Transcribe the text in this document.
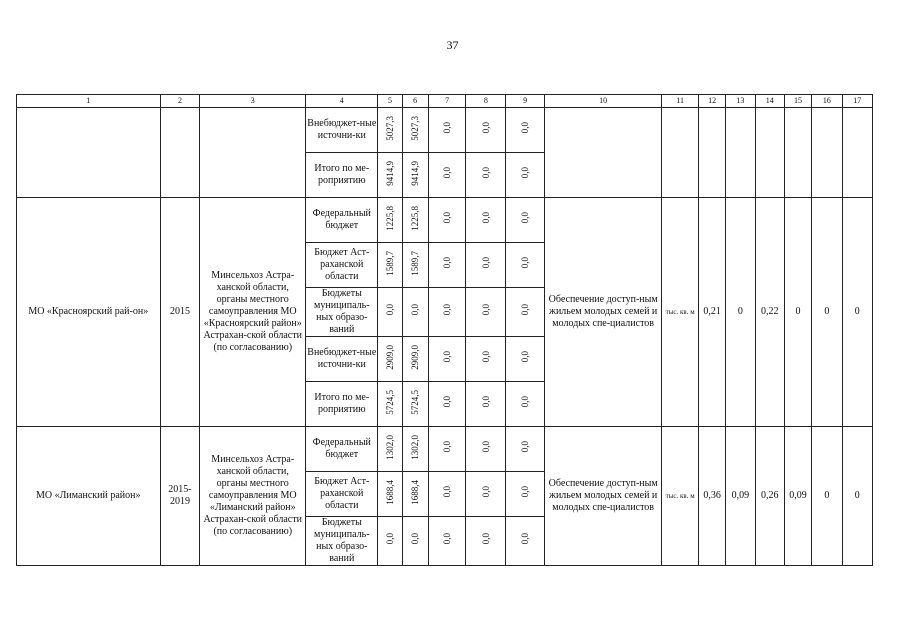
37
1	2	3	4	5	6	7	8	9	10	11	12	13	14	15	16	17
			Внебюджет-ные источни-ки	5027,3	5027,3	0,0	0,0	0,0								
			Итого по ме-роприятию	9414,9	9414,9	0,0	0,0	0,0								
МО «Красноярский рай-он»	2015	Минсельхоз Астра-ханской области, органы местного самоуправления МО «Красноярский район» Астрахан-ской области (по согласованию)	Федеральный бюджет	1225,8	1225,8	0,0	0,0	0,0	Обеспечение доступ-ным жильем молодых семей и молодых спе-циалистов	тыс. кв. м	0,21	0	0,22	0	0	0
			Бюджет Аст-раханской области	1589,7	1589,7	0,0	0,0	0,0								
			Бюджеты муниципаль-ных образо-ваний	0,0	0,0	0,0	0,0	0,0								
			Внебюджет-ные источни-ки	2909,0	2909,0	0,0	0,0	0,0								
			Итого по ме-роприятию	5724,5	5724,5	0,0	0,0	0,0								
МО «Лиманский район»	2015-2019	Минсельхоз Астра-ханской области, органы местного самоуправления МО «Лиманский район» Астрахан-ской области (по согласованию)	Федеральный бюджет	1302,0	1302,0	0,0	0,0	0,0	Обеспечение доступ-ным жильем молодых семей и молодых спе-циалистов	тыс. кв. м	0,36	0,09	0,26	0,09	0	0
			Бюджет Аст-раханской области	1688,4	1688,4	0,0	0,0	0,0								
			Бюджеты муниципаль-ных образо-ваний	0,0	0,0	0,0	0,0	0,0								
